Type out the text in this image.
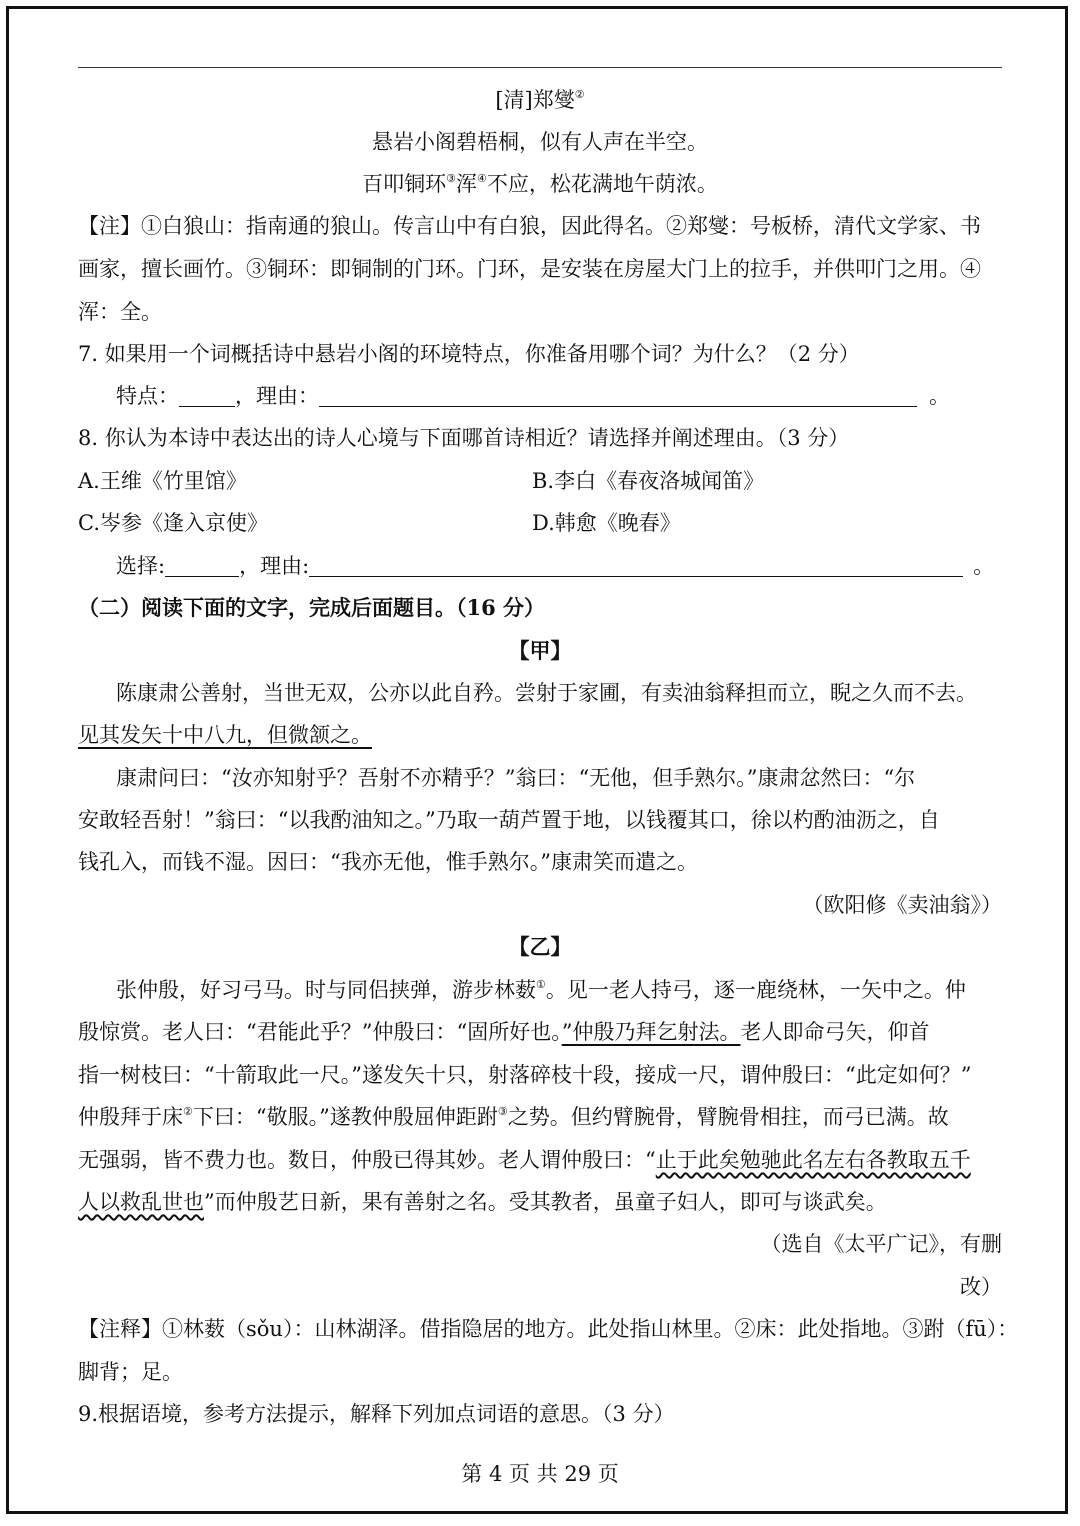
[清]郑燮②
悬岩小阁碧梧桐，似有人声在半空。
百叩铜环③浑④不应，松花满地午荫浓。
【注】①白狼山：指南通的狼山。传言山中有白狼，因此得名。②郑燮：号板桥，清代文学家、书
画家，擅长画竹。③铜环：即铜制的门环。门环，是安装在房屋大门上的拉手，并供叩门之用。④
浑：全。
7. 如果用一个词概括诗中悬岩小阁的环境特点，你准备用哪个词？为什么？（2 分）
特点：	，理由：	。
8. 你认为本诗中表达出的诗人心境与下面哪首诗相近？请选择并阐述理由。（3 分）
A.王维《竹里馆》	B.李白《春夜洛城闻笛》
C.岑参《逢入京使》	D.韩愈《晚春》
选择:	，理由:	。
（二）阅读下面的文字，完成后面题目。（16 分）
【甲】
陈康肃公善射，当世无双，公亦以此自矜。尝射于家圃，有卖油翁释担而立，睨之久而不去。
见其发矢十中八九，但微颔之。
康肃问曰：“汝亦知射乎？吾射不亦精乎？”翁曰：“无他，但手熟尔。”康肃忿然曰：“尔
安敢轻吾射！”翁曰：“以我酌油知之。”乃取一葫芦置于地，以钱覆其口，徐以杓酌油沥之，自
钱孔入，而钱不湿。因曰：“我亦无他，惟手熟尔。”康肃笑而遣之。
（欧阳修《卖油翁》）
【乙】
张仲殷，好习弓马。时与同侣挟弹，游步林薮①。见一老人持弓，逐一鹿绕林，一矢中之。仲
殷惊赏。老人曰：“君能此乎？”仲殷曰：“固所好也。”仲殷乃拜乞射法。老人即命弓矢，仰首
指一树枝曰：“十箭取此一尺。”遂发矢十只，射落碎枝十段，接成一尺，谓仲殷曰：“此定如何？”
仲殷拜于床②下曰：“敬服。”遂教仲殷屈伸距跗③之势。但约臂腕骨，臂腕骨相拄，而弓已满。故
无强弱，皆不费力也。数日，仲殷已得其妙。老人谓仲殷曰：“止于此矣勉驰此名左右各教取五千
人以救乱世也”而仲殷艺日新，果有善射之名。受其教者，虽童子妇人，即可与谈武矣。
（选自《太平广记》，有删
改）
【注释】①林薮（sǒu）：山林湖泽。借指隐居的地方。此处指山林里。②床：此处指地。③跗（fū）：
脚背；足。
9.根据语境，参考方法提示，解释下列加点词语的意思。（3 分）
第 4 页 共 29 页
